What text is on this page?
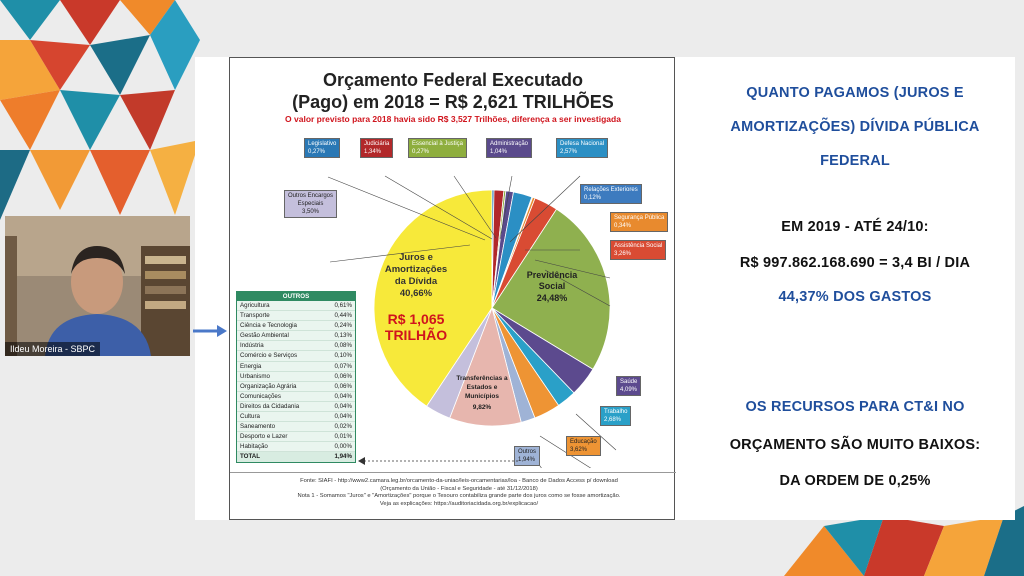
Orçamento Federal Executado
(Pago) em 2018 = R$ 2,621 TRILHÕES
O valor previsto para 2018 havia sido R$ 3,527 Trilhões, diferença a ser investigada
Juros e
Amortizações
da Dívida
40,66%
R$ 1,065
TRILHÃO
Previdência
Social
24,48%
Transferências a
Estados e
Municípios
9,82%
Legislativo
0,27%
Judiciária
1,34%
Essencial à Justiça
0,27%
Administração
1,04%
Defesa Nacional
2,57%
Relações Exteriores
0,12%
Segurança Pública
0,34%
Assistência Social
3,26%
Saúde
4,09%
Trabalho
2,68%
Educação
3,62%
Outros
1,94%
Outros Encargos
Especiais
3,50%
OUTROS
Agricultura	0,61%
Transporte	0,44%
Ciência e Tecnologia	0,24%
Gestão Ambiental	0,13%
Indústria	0,08%
Comércio e Serviços	0,10%
Energia	0,07%
Urbanismo	0,06%
Organização Agrária	0,06%
Comunicações	0,04%
Direitos da Cidadania	0,04%
Cultura	0,04%
Saneamento	0,02%
Desporto e Lazer	0,01%
Habitação	0,00%
TOTAL	1,94%
Fonte: SIAFI - http://www2.camara.leg.br/orcamento-da-uniao/leis-orcamentarias/loa - Banco de Dados Access p/ download
(Orçamento da União - Fiscal e Seguridade - até 31/12/2018)
Nota 1 - Somamos "Juros" e "Amortizações" porque o Tesouro contabiliza grande parte dos juros como se fosse amortização.
Veja as explicações: https://auditoriacidada.org.br/explicacao/
QUANTO PAGAMOS (JUROS E
AMORTIZAÇÕES) DÍVIDA PÚBLICA
FEDERAL
EM 2019 - ATÉ 24/10:
R$ 997.862.168.690 = 3,4 BI / DIA
44,37% DOS GASTOS
OS RECURSOS PARA CT&I NO
ORÇAMENTO SÃO MUITO BAIXOS:
DA ORDEM DE 0,25%
Ildeu Moreira - SBPC
